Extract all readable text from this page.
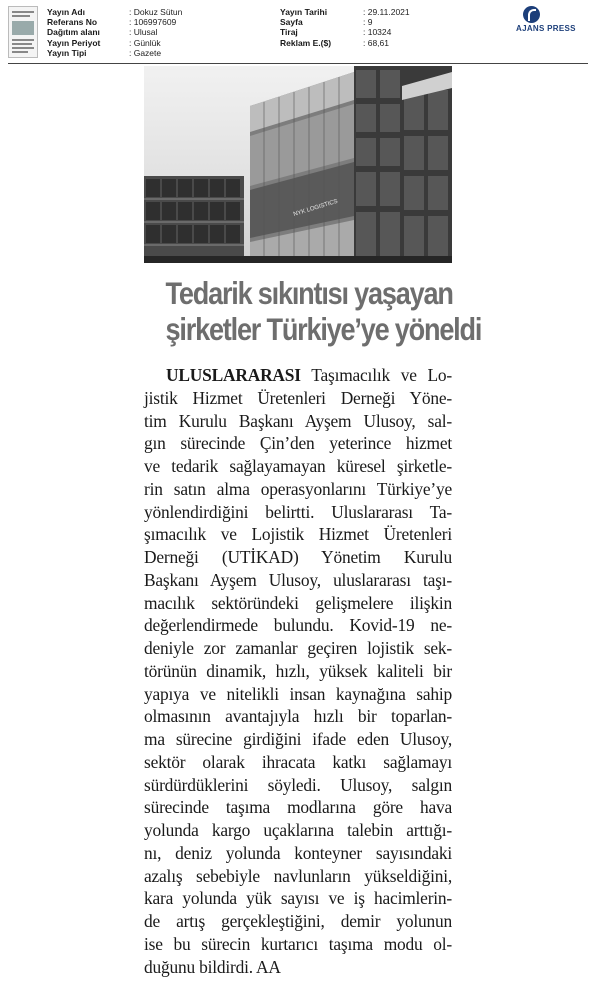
Yayın Adı	: Dokuz Sütun
Referans No	: 106997609
Dağıtım alanı	: Ulusal
Yayın Periyot	: Günlük
Yayın Tipi	: Gazete
Yayın Tarihi	: 29.11.2021
Sayfa	: 9
Tiraj	: 10324
Reklam E.($)	: 68,61
AJANS PRESS
NYK LOGISTICS
Tedarik sıkıntısı yaşayan
şirketler Türkiye’ye yöneldi
ULUSLARARASI Taşımacılık ve Lo-
jistik Hizmet Üretenleri Derneği Yöne-
tim Kurulu Başkanı Ayşem Ulusoy, sal-
gın sürecinde Çin’den yeterince hizmet
ve tedarik sağlayamayan küresel şirketle-
rin satın alma operasyonlarını Türkiye’ye
yönlendirdiğini belirtti. Uluslararası Ta-
şımacılık ve Lojistik Hizmet Üretenleri
Derneği (UTİKAD) Yönetim Kurulu
Başkanı Ayşem Ulusoy, uluslararası taşı-
macılık sektöründeki gelişmelere ilişkin
değerlendirmede bulundu. Kovid-19 ne-
deniyle zor zamanlar geçiren lojistik sek-
törünün dinamik, hızlı, yüksek kaliteli bir
yapıya ve nitelikli insan kaynağına sahip
olmasının avantajıyla hızlı bir toparlan-
ma sürecine girdiğini ifade eden Ulusoy,
sektör olarak ihracata katkı sağlamayı
sürdürdüklerini söyledi. Ulusoy, salgın
sürecinde taşıma modlarına göre hava
yolunda kargo uçaklarına talebin arttığı-
nı, deniz yolunda konteyner sayısındaki
azalış sebebiyle navlunların yükseldiğini,
kara yolunda yük sayısı ve iş hacimlerin-
de artış gerçekleştiğini, demir yolunun
ise bu sürecin kurtarıcı taşıma modu ol-
duğunu bildirdi. AA
